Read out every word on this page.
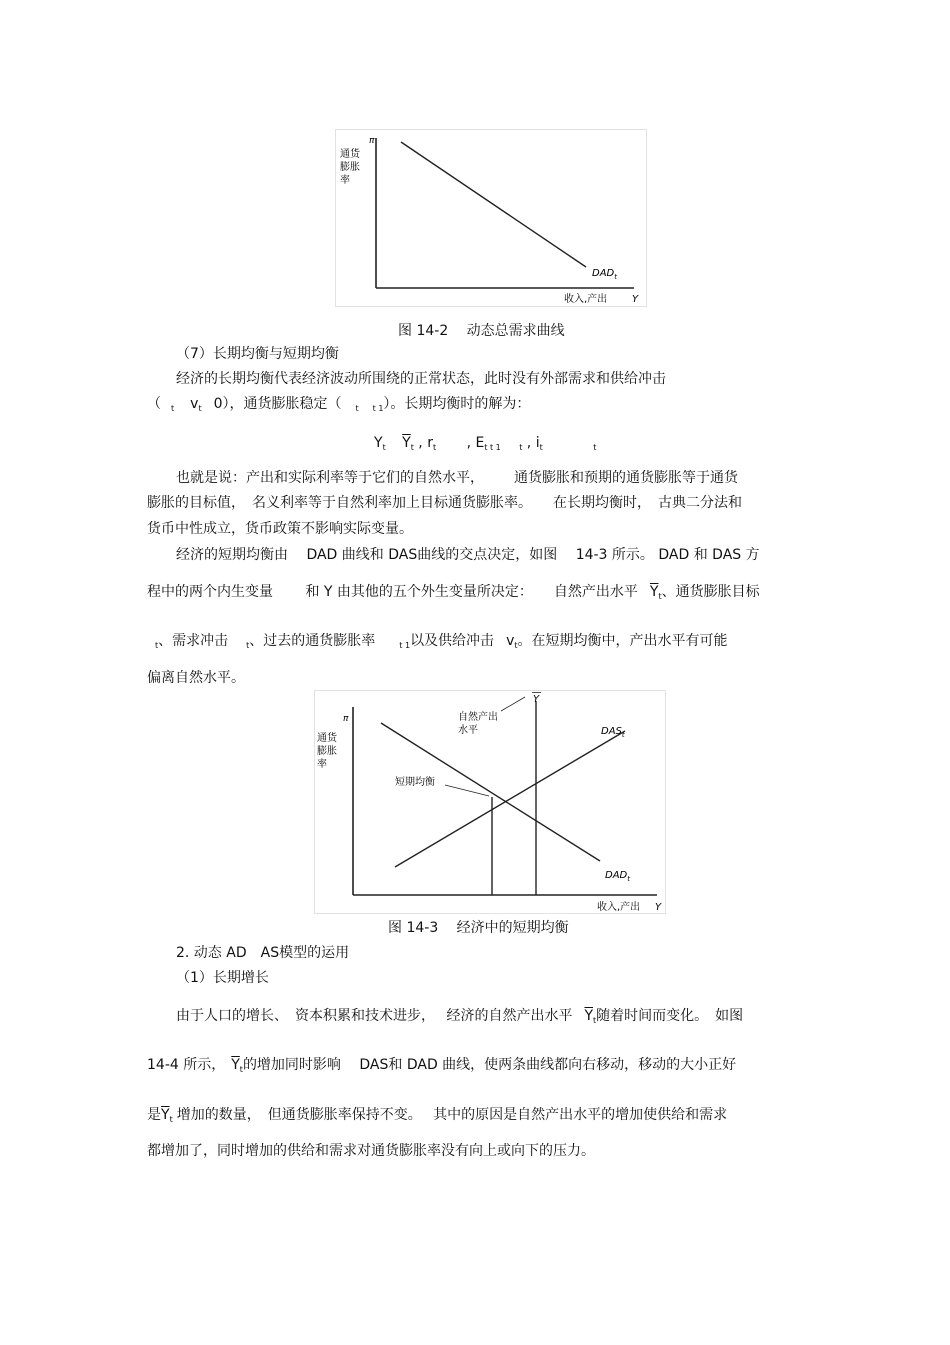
π
通货
膨胀
率
$DAD_t$
收入,产出 Y
图 14-2　 动态总需求曲线
（7）长期均衡与短期均衡
经济的长期均衡代表经济波动所围绕的正常状态，此时没有外部需求和供给冲击
（ $_t$ $v_t$ 0），通货膨胀稳定（ $_t$ $_{t 1}$）。长期均衡时的解为：
$Y_t$ $\overline{Y}_t$ , $r_t$ , $E_{t t 1}$ $_t$ , $i_t$	$_t$
也就是说：产出和实际利率等于它们的自然水平， 通货膨胀和预期的通货膨胀等于通货
膨胀的目标值，　名义利率等于自然利率加上目标通货膨胀率。　　在长期均衡时，　古典二分法和
货币中性成立，货币政策不影响实际变量。
经济的短期均衡由　 DAD 曲线和 DAS曲线的交点决定，如图　 14-3 所示。 DAD 和 DAS 方
程中的两个内生变量　　 和 Y 由其他的五个外生变量所决定：　　自然产出水平 $\overline{Y}_t$、通货膨胀目标
$_t$、需求冲击 $_t$、过去的通货膨胀率	$_{t 1}$以及供给冲击 $v_t$。在短期均衡中，产出水平有可能
偏离自然水平。
π
通货
膨胀
率
Y
自然产出
水平	$DAS_t$
$DAD_t$
短期均衡
收入,产出 Y
图 14-3　 经济中的短期均衡
2. 动态 AD　AS模型的运用
（1）长期增长
由于人口的增长、　资本积累和技术进步，　 经济的自然产出水平 $\overline{Y}_t$随着时间而变化。　如图
14-4 所示， $\overline{Y}_t$的增加同时影响　 DAS和 DAD 曲线，使两条曲线都向右移动，移动的大小正好
是$\overline{Y}_t$ 增加的数量，　但通货膨胀率保持不变。　 其中的原因是自然产出水平的增加使供给和需求
都增加了，同时增加的供给和需求对通货膨胀率没有向上或向下的压力。
